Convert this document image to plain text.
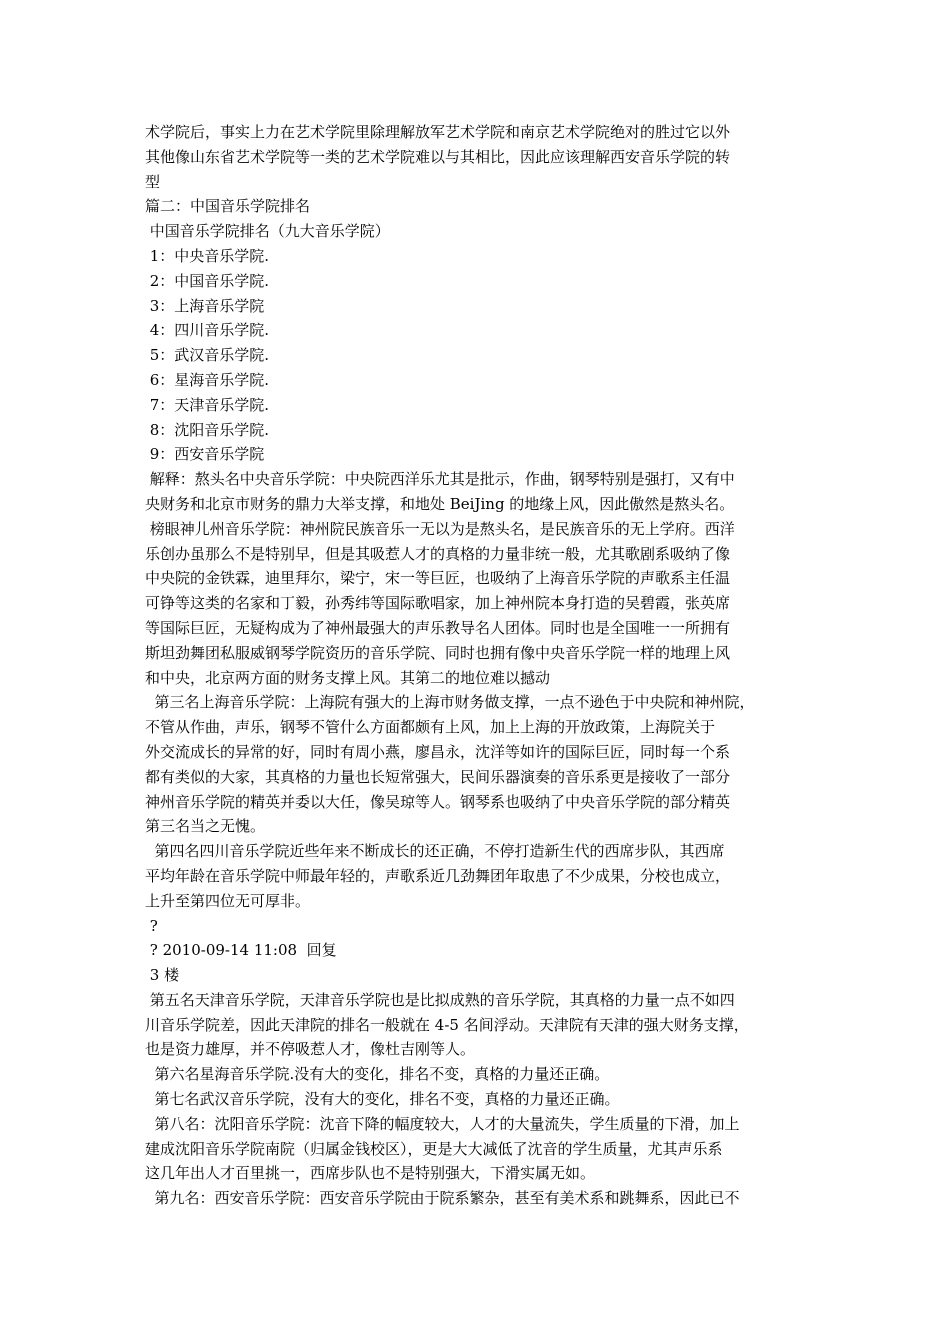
术学院后，事实上力在艺术学院里除理解放军艺术学院和南京艺术学院绝对的胜过它以外
其他像山东省艺术学院等一类的艺术学院难以与其相比，因此应该理解西安音乐学院的转
型
篇二：中国音乐学院排名
中国音乐学院排名（九大音乐学院）
1：中央音乐学院.
2：中国音乐学院.
3：上海音乐学院
4：四川音乐学院.
5：武汉音乐学院.
6：星海音乐学院.
7：天津音乐学院.
8：沈阳音乐学院.
9：西安音乐学院
解释：熬头名中央音乐学院：中央院西洋乐尤其是批示，作曲，钢琴特别是强打，又有中
央财务和北京市财务的鼎力大举支撑，和地处 BeiJing 的地缘上风，因此傲然是熬头名。
榜眼神儿州音乐学院：神州院民族音乐一无以为是熬头名，是民族音乐的无上学府。西洋
乐创办虽那么不是特别早，但是其吸惹人才的真格的力量非统一般，尤其歌剧系吸纳了像
中央院的金铁霖，迪里拜尔，梁宁，宋一等巨匠，也吸纳了上海音乐学院的声歌系主任温
可铮等这类的名家和丁毅，孙秀纬等国际歌唱家，加上神州院本身打造的吴碧霞，张英席
等国际巨匠，无疑构成为了神州最强大的声乐教导名人团体。同时也是全国唯一一所拥有
斯坦劲舞团私服威钢琴学院资历的音乐学院、同时也拥有像中央音乐学院一样的地理上风
和中央，北京两方面的财务支撑上风。其第二的地位难以撼动
第三名上海音乐学院：上海院有强大的上海市财务做支撑，一点不逊色于中央院和神州院，
不管从作曲，声乐，钢琴不管什么方面都颇有上风，加上上海的开放政策，上海院关于
外交流成长的异常的好，同时有周小燕，廖昌永，沈洋等如许的国际巨匠，同时每一个系
都有类似的大家，其真格的力量也长短常强大，民间乐器演奏的音乐系更是接收了一部分
神州音乐学院的精英并委以大任，像吴琼等人。钢琴系也吸纳了中央音乐学院的部分精英
第三名当之无愧。
第四名四川音乐学院近些年来不断成长的还正确，不停打造新生代的西席步队，其西席
平均年龄在音乐学院中师最年轻的，声歌系近几劲舞团年取患了不少成果，分校也成立，
上升至第四位无可厚非。
?
? 2010-09-14 11:08  回复
3 楼
第五名天津音乐学院，天津音乐学院也是比拟成熟的音乐学院，其真格的力量一点不如四
川音乐学院差，因此天津院的排名一般就在 4-5 名间浮动。天津院有天津的强大财务支撑，
也是资力雄厚，并不停吸惹人才，像杜吉刚等人。
第六名星海音乐学院.没有大的变化，排名不变，真格的力量还正确。
第七名武汉音乐学院，没有大的变化，排名不变，真格的力量还正确。
第八名：沈阳音乐学院：沈音下降的幅度较大，人才的大量流失，学生质量的下滑，加上
建成沈阳音乐学院南院（归属金钱校区），更是大大减低了沈音的学生质量，尤其声乐系
这几年出人才百里挑一，西席步队也不是特别强大，下滑实属无如。
第九名：西安音乐学院：西安音乐学院由于院系繁杂，甚至有美术系和跳舞系，因此已不
